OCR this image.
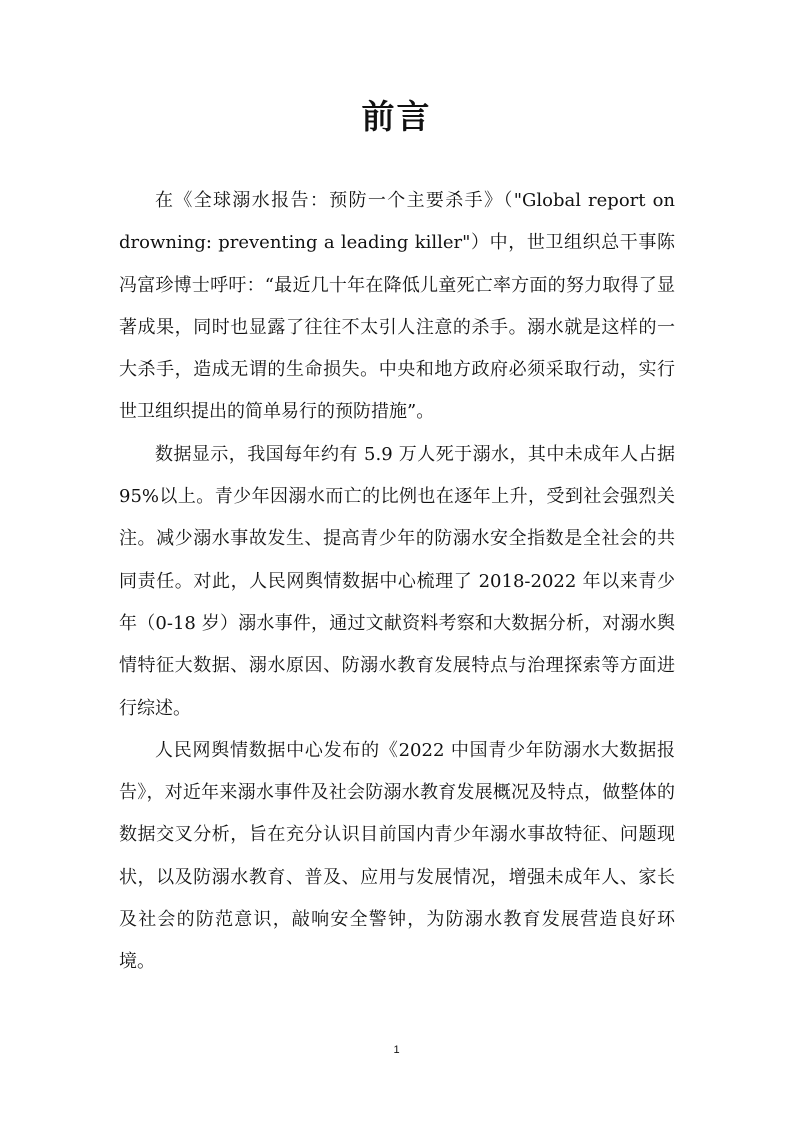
前言

在《全球溺水报告：预防一个主要杀手》（"Global report on drowning: preventing a leading killer"）中，世卫组织总干事陈冯富珍博士呼吁：“最近几十年在降低儿童死亡率方面的努力取得了显著成果，同时也显露了往往不太引人注意的杀手。溺水就是这样的一大杀手，造成无谓的生命损失。中央和地方政府必须采取行动，实行世卫组织提出的简单易行的预防措施”。

数据显示，我国每年约有 5.9 万人死于溺水，其中未成年人占据 95%以上。青少年因溺水而亡的比例也在逐年上升，受到社会强烈关注。减少溺水事故发生、提高青少年的防溺水安全指数是全社会的共同责任。对此，人民网舆情数据中心梳理了 2018-2022 年以来青少年（0-18 岁）溺水事件，通过文献资料考察和大数据分析，对溺水舆情特征大数据、溺水原因、防溺水教育发展特点与治理探索等方面进行综述。

人民网舆情数据中心发布的《2022 中国青少年防溺水大数据报告》，对近年来溺水事件及社会防溺水教育发展概况及特点，做整体的数据交叉分析，旨在充分认识目前国内青少年溺水事故特征、问题现状，以及防溺水教育、普及、应用与发展情况，增强未成年人、家长及社会的防范意识，敲响安全警钟，为防溺水教育发展营造良好环境。

1
